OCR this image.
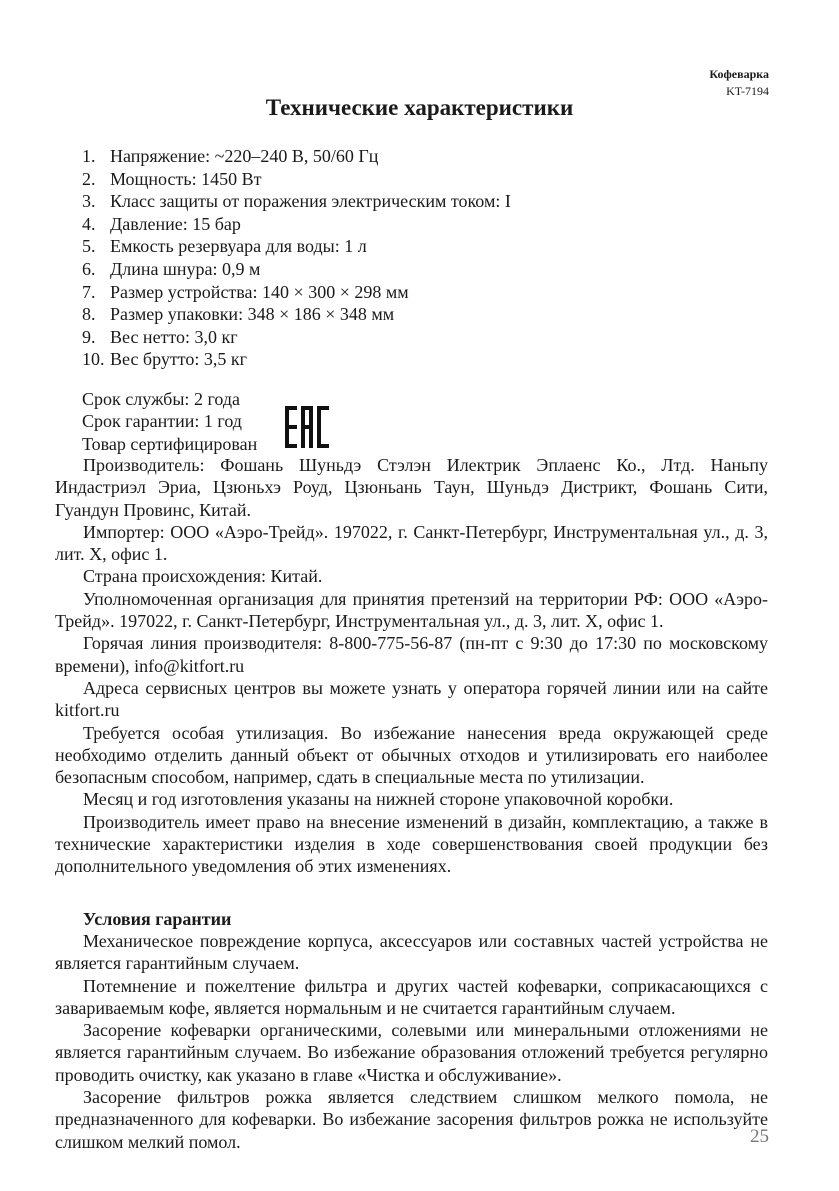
Кофеварка
KT-7194
Технические характеристики
1. Напряжение: ~220–240 В, 50/60 Гц
2. Мощность: 1450 Вт
3. Класс защиты от поражения электрическим током: I
4. Давление: 15 бар
5. Емкость резервуара для воды: 1 л
6. Длина шнура: 0,9 м
7. Размер устройства: 140 × 300 × 298 мм
8. Размер упаковки: 348 × 186 × 348 мм
9. Вес нетто: 3,0 кг
10. Вес брутто: 3,5 кг
Срок службы: 2 года
Срок гарантии: 1 год
Товар сертифицирован

Производитель: Фошань Шуньдэ Стэлэн Илектрик Эплаенс Ко., Лтд. Наньпу Индастриэл Эриа, Цзюньхэ Роуд, Цзюньань Таун, Шуньдэ Дистрикт, Фошань Сити, Гуандун Провинс, Китай.

Импортер: ООО «Аэро-Трейд». 197022, г. Санкт-Петербург, Инструментальная ул., д. 3, лит. Х, офис 1.

Страна происхождения: Китай.

Уполномоченная организация для принятия претензий на территории РФ: ООО «Аэро-Трейд». 197022, г. Санкт-Петербург, Инструментальная ул., д. 3, лит. Х, офис 1.

Горячая линия производителя: 8-800-775-56-87 (пн-пт с 9:30 до 17:30 по московскому времени), info@kitfort.ru

Адреса сервисных центров вы можете узнать у оператора горячей линии или на сайте kitfort.ru

Требуется особая утилизация. Во избежание нанесения вреда окружающей среде необходимо отделить данный объект от обычных отходов и утилизировать его наиболее безопасным способом, например, сдать в специальные места по утилизации.

Месяц и год изготовления указаны на нижней стороне упаковочной коробки.

Производитель имеет право на внесение изменений в дизайн, комплектацию, а также в технические характеристики изделия в ходе совершенствования своей продукции без дополнительного уведомления об этих изменениях.

Условия гарантии

Механическое повреждение корпуса, аксессуаров или составных частей устройства не является гарантийным случаем.

Потемнение и пожелтение фильтра и других частей кофеварки, соприкасающихся с завариваемым кофе, является нормальным и не считается гарантийным случаем.

Засорение кофеварки органическими, солевыми или минеральными отложениями не является гарантийным случаем. Во избежание образования отложений требуется регулярно проводить очистку, как указано в главе «Чистка и обслуживание».

Засорение фильтров рожка является следствием слишком мелкого помола, не предназначенного для кофеварки. Во избежание засорения фильтров рожка не используйте слишком мелкий помол.	25
